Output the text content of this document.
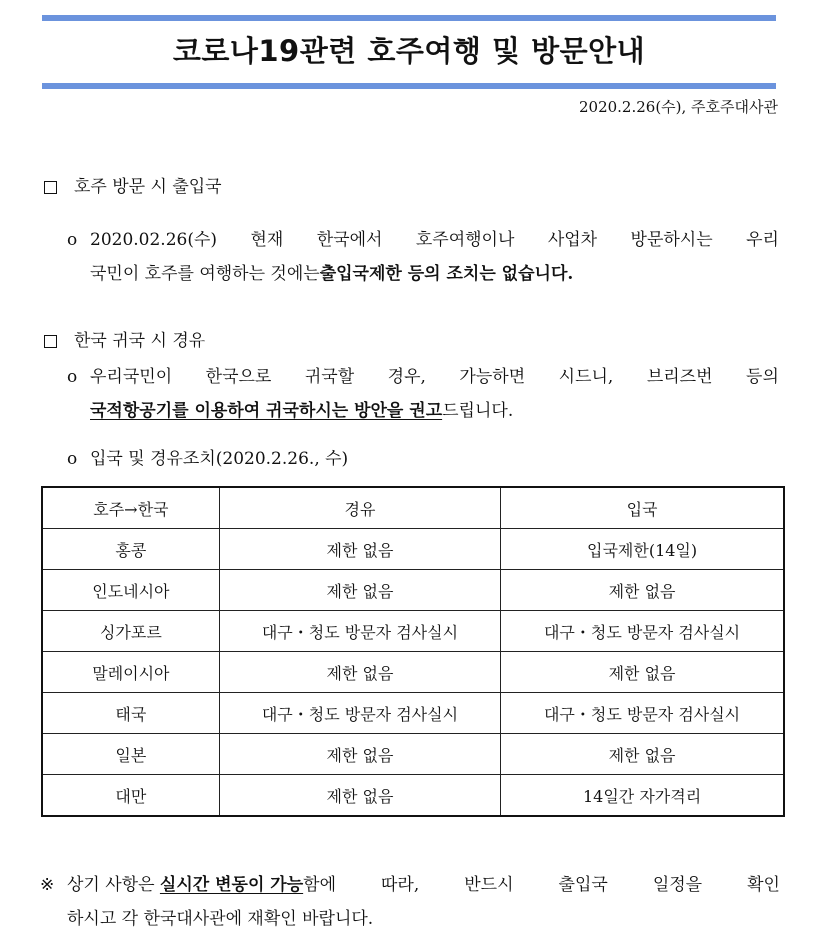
코로나19관련 호주여행 및 방문안내
2020.2.26(수), 주호주대사관
호주 방문 시 출입국
o 2020.02.26(수) 현재 한국에서 호주여행이나 사업차 방문하시는 우리
국민이 호주를 여행하는 것에는 출입국제한 등의 조치는 없습니다.
한국 귀국 시 경유
o 우리국민이 한국으로 귀국할 경우, 가능하면 시드니, 브리즈번 등의
국적항공기를 이용하여 귀국하시는 방안을 권고 드립니다.
o 입국 및 경유조치(2020.2.26., 수)
호주→한국	경유	입국
홍콩	제한 없음	입국제한(14일)
인도네시아	제한 없음	제한 없음
싱가포르	대구・청도 방문자 검사실시	대구・청도 방문자 검사실시
말레이시아	제한 없음	제한 없음
태국	대구・청도 방문자 검사실시	대구・청도 방문자 검사실시
일본	제한 없음	제한 없음
대만	제한 없음	14일간 자가격리
※ 상기 사항은 실시간 변동이 가능함에	따라,	반드시	출입국	일정을	확인
하시고 각 한국대사관에 재확인 바랍니다.
